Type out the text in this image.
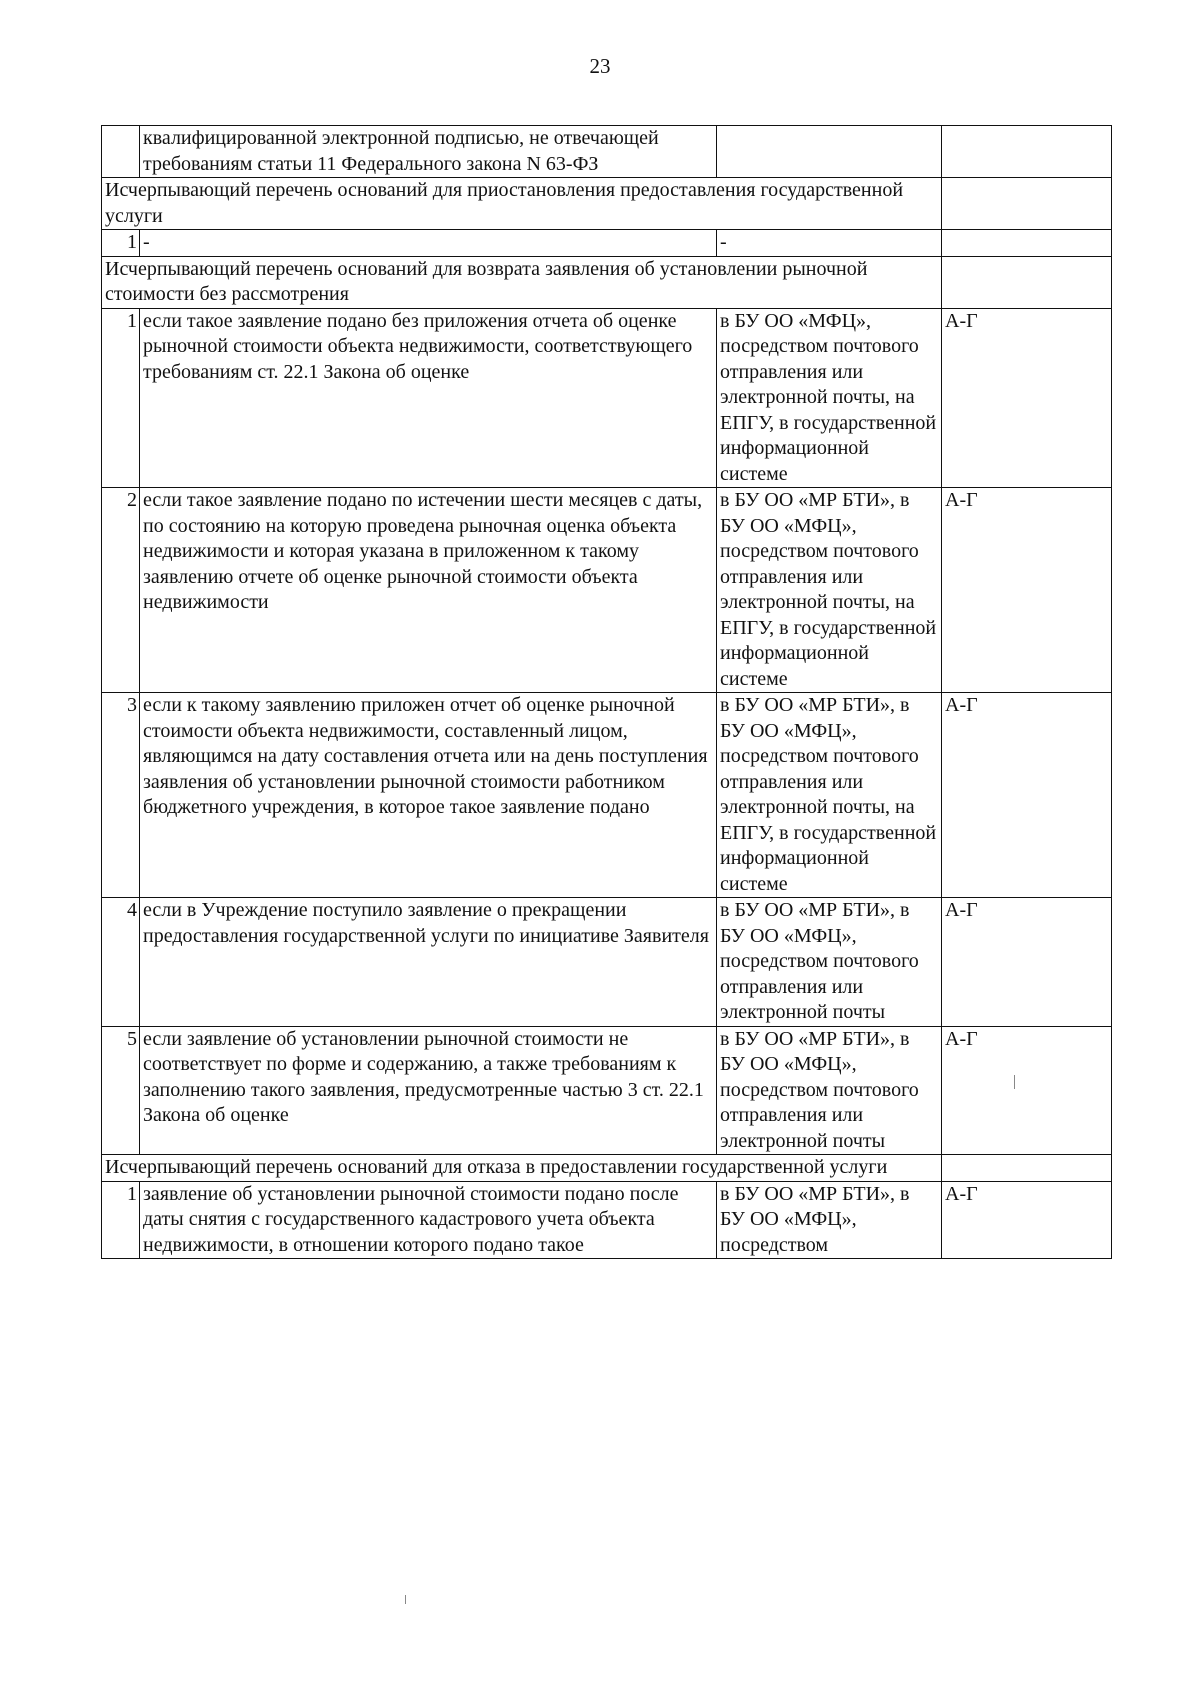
23
	квалифицированной электронной подписью, не отвечающей требованиям статьи 11 Федерального закона N 63-ФЗ		
Исчерпывающий перечень оснований для приостановления предоставления государственной услуги			
1	-	-	
Исчерпывающий перечень оснований для возврата заявления об установлении рыночной стоимости без рассмотрения			
1	если такое заявление подано без приложения отчета об оценке рыночной стоимости объекта недвижимости, соответствующего требованиям ст. 22.1 Закона об оценке	в БУ ОО «МФЦ», посредством почтового отправления или электронной почты, на ЕПГУ, в государственной информационной системе	А-Г
2	если такое заявление подано по истечении шести месяцев с даты, по состоянию на которую проведена рыночная оценка объекта недвижимости и которая указана в приложенном к такому заявлению отчете об оценке рыночной стоимости объекта недвижимости	в БУ ОО «МР БТИ», в БУ ОО «МФЦ», посредством почтового отправления или электронной почты, на ЕПГУ, в государственной информационной системе	А-Г
3	если к такому заявлению приложен отчет об оценке рыночной стоимости объекта недвижимости, составленный лицом, являющимся на дату составления отчета или на день поступления заявления об установлении рыночной стоимости работником бюджетного учреждения, в которое такое заявление подано	в БУ ОО «МР БТИ», в БУ ОО «МФЦ», посредством почтового отправления или электронной почты, на ЕПГУ, в государственной информационной системе	А-Г
4	если в Учреждение поступило заявление о прекращении предоставления государственной услуги по инициативе Заявителя	в БУ ОО «МР БТИ», в БУ ОО «МФЦ», посредством почтового отправления или электронной почты	А-Г
5	если заявление об установлении рыночной стоимости не соответствует по форме и содержанию, а также требованиям к заполнению такого заявления, предусмотренные частью 3 ст. 22.1 Закона об оценке	в БУ ОО «МР БТИ», в БУ ОО «МФЦ», посредством почтового отправления или электронной почты	А-Г
Исчерпывающий перечень оснований для отказа в предоставлении государственной услуги			
1	заявление об установлении рыночной стоимости подано после даты снятия с государственного кадастрового учета объекта недвижимости, в отношении которого подано такое	в БУ ОО «МР БТИ», в БУ ОО «МФЦ», посредством	А-Г
